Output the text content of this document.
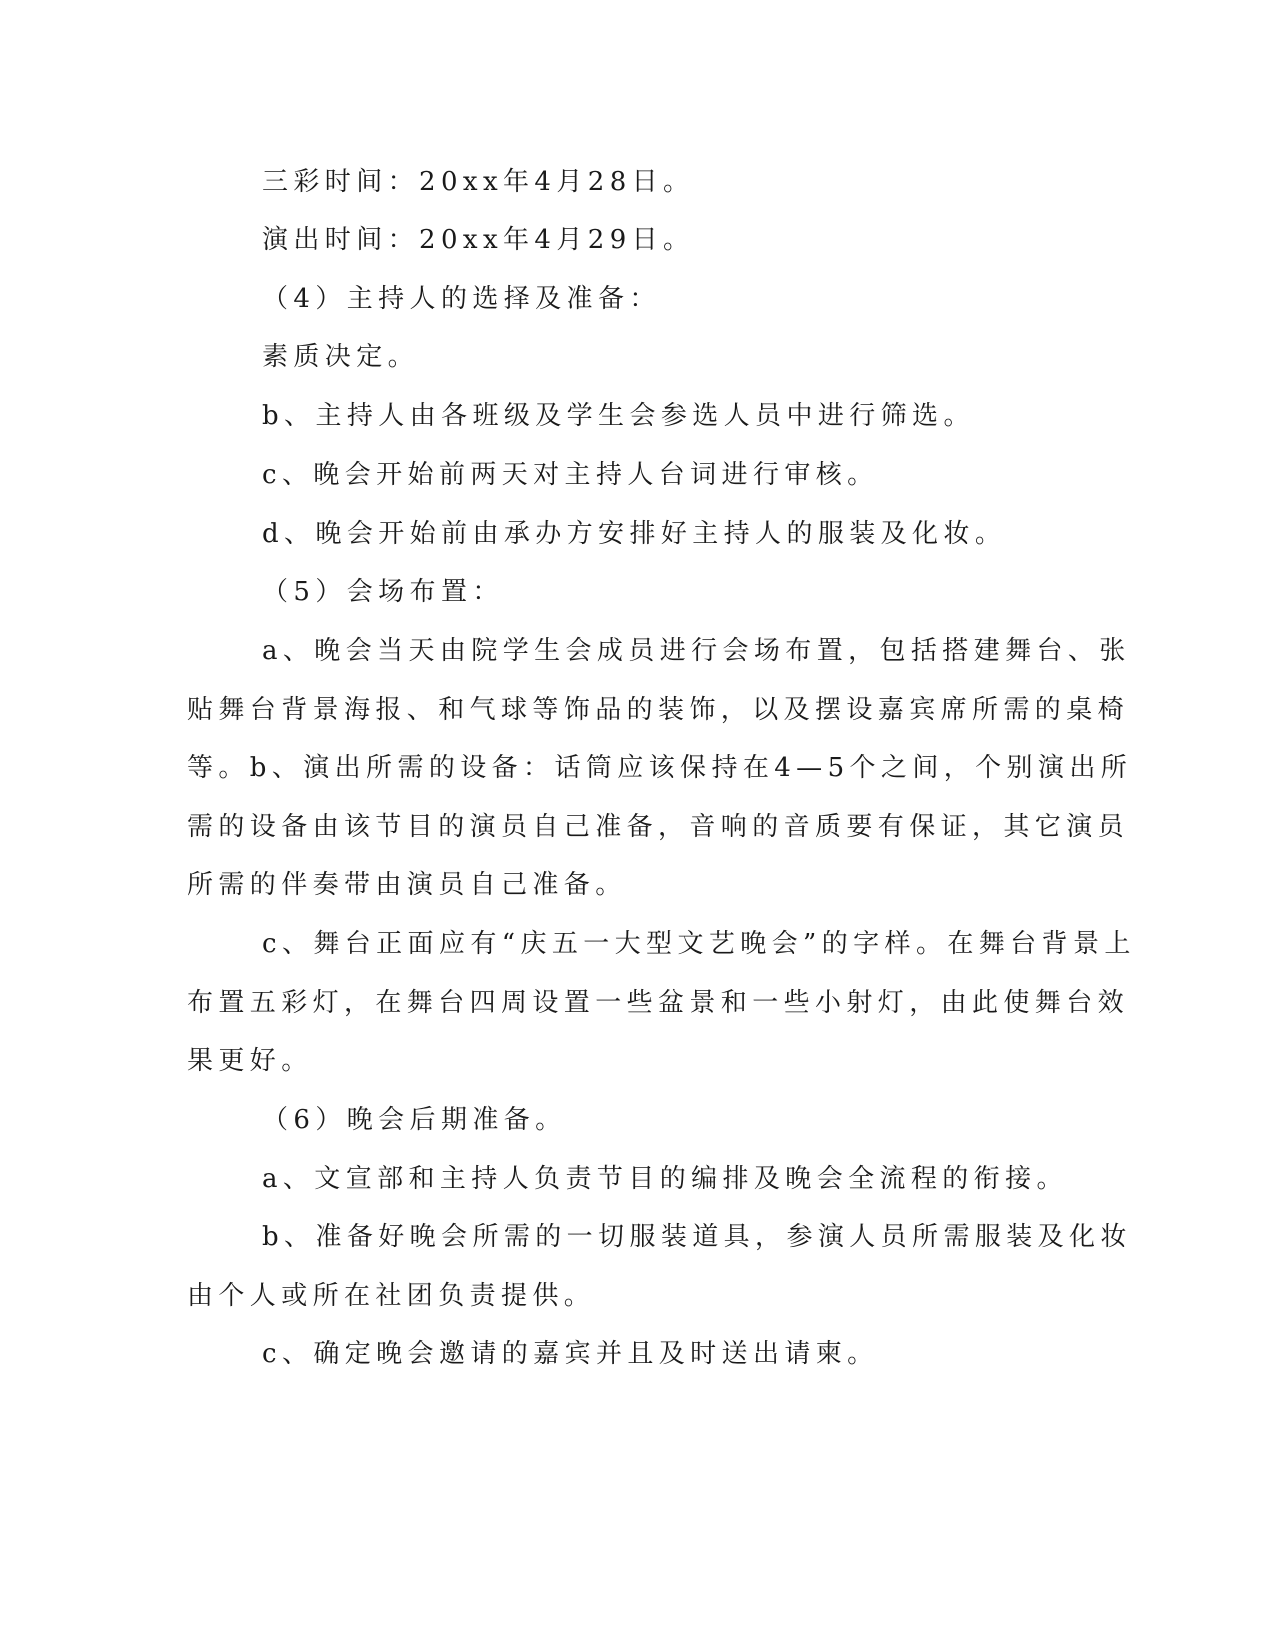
三彩时间：20xx年4月28日。
演出时间：20xx年4月29日。
（4）主持人的选择及准备：
素质决定。
b、主持人由各班级及学生会参选人员中进行筛选。
c、晚会开始前两天对主持人台词进行审核。
d、晚会开始前由承办方安排好主持人的服装及化妆。
（5）会场布置：
a、晚会当天由院学生会成员进行会场布置，包括搭建舞台、张
贴舞台背景海报、和气球等饰品的装饰，以及摆设嘉宾席所需的桌椅
等。b、演出所需的设备：话筒应该保持在4—5个之间，个别演出所
需的设备由该节目的演员自己准备，音响的音质要有保证，其它演员
所需的伴奏带由演员自己准备。
c、舞台正面应有“庆五一大型文艺晚会”的字样。在舞台背景上
布置五彩灯，在舞台四周设置一些盆景和一些小射灯，由此使舞台效
果更好。
（6）晚会后期准备。
a、文宣部和主持人负责节目的编排及晚会全流程的衔接。
b、准备好晚会所需的一切服装道具，参演人员所需服装及化妆
由个人或所在社团负责提供。
c、确定晚会邀请的嘉宾并且及时送出请柬。
